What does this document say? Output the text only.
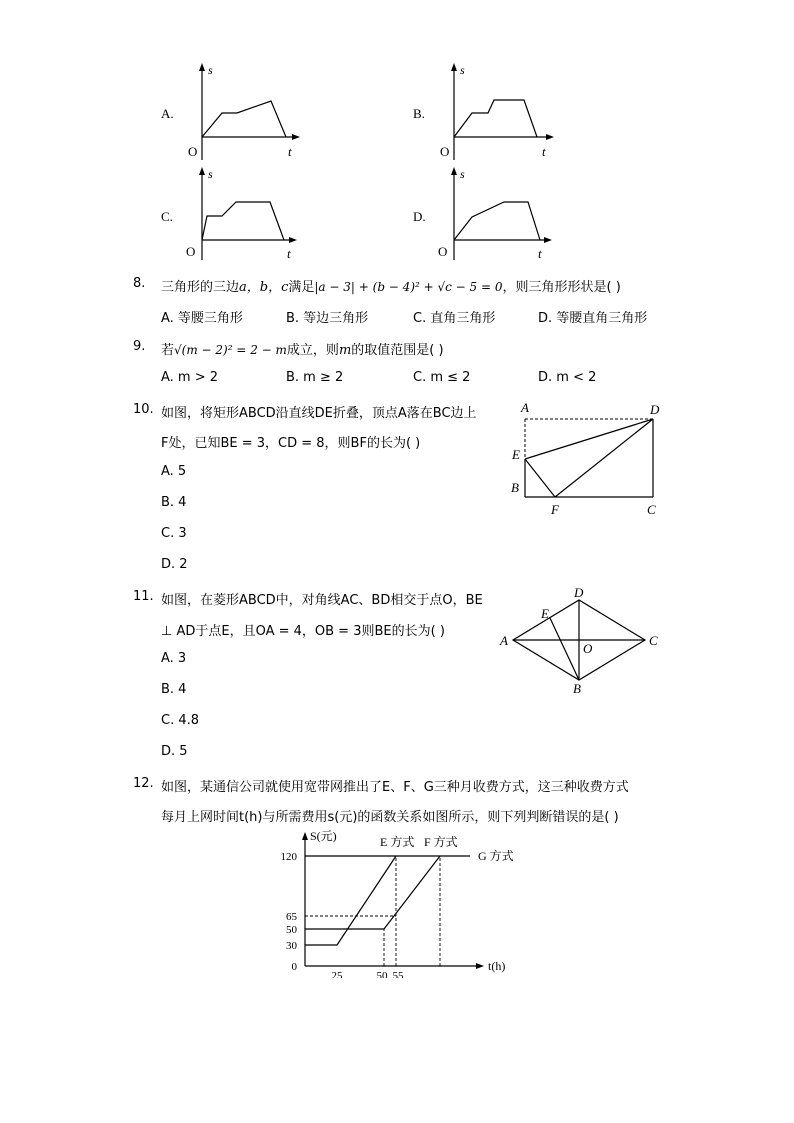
A.
s
t
O
B.
s
t
O
C.
s
t
O
D.
s
t
O
8. 三角形的三边a，b，c满足|a − 3| + (b − 4)² + √c − 5 = 0，则三角形形状是( )
A. 等腰三角形	B. 等边三角形	C. 直角三角形	D. 等腰直角三角形
9. 若√(m − 2)² = 2 − m成立，则m的取值范围是( )
A. m > 2	B. m ≥ 2	C. m ≤ 2	D. m < 2
10. 如图，将矩形ABCD沿直线DE折叠，顶点A落在BC边上
F处，已知BE = 3，CD = 8，则BF的长为( )
A. 5
B. 4
C. 3
D. 2
A	D
E
B
F	C
11. 如图，在菱形ABCD中，对角线AC、BD相交于点O，BE
⊥ AD于点E，且OA = 4，OB = 3则BE的长为( )
A. 3
B. 4
C. 4.8
D. 5
A
D
C
B
E
O
12. 如图，某通信公司就使用宽带网推出了E、F、G三种月收费方式，这三种收费方式
每月上网时间t(h)与所需费用s(元)的函数关系如图所示，则下列判断错误的是( )
S(元)
t(h)
0
30
50
65
120
25	50 55
E 方式 F 方式
G 方式
